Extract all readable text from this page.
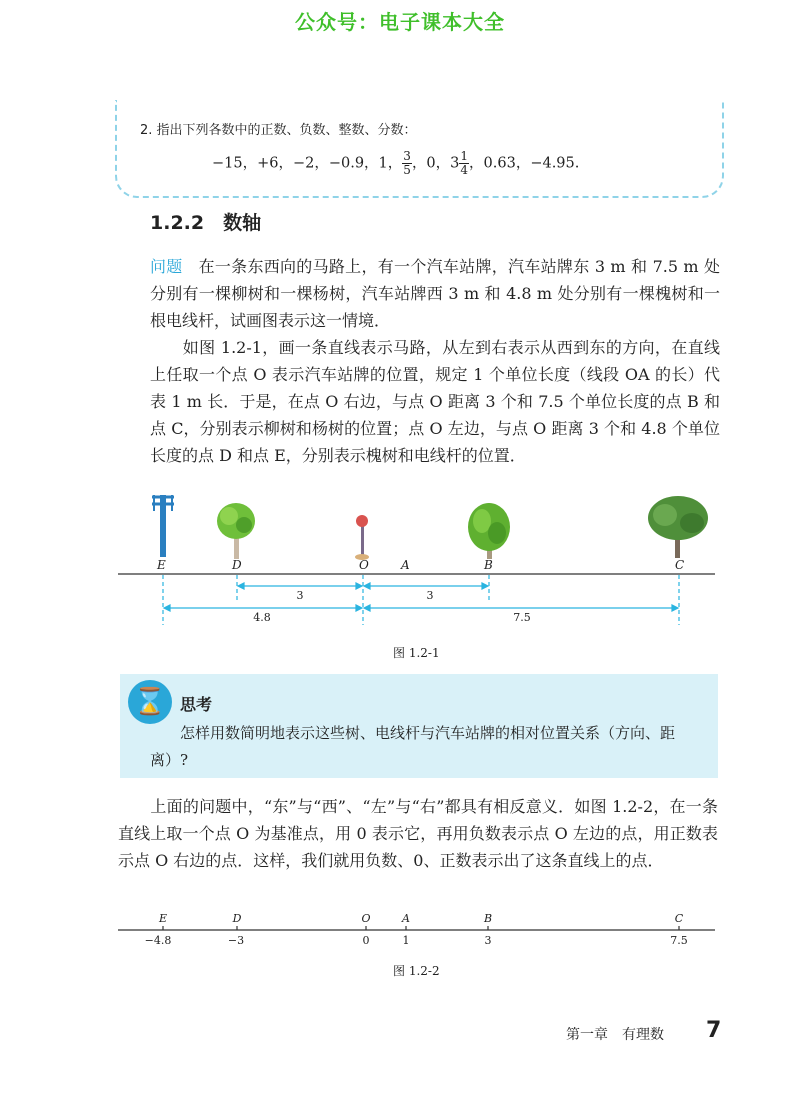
公众号：电子课本大全
2. 指出下列各数中的正数、负数、整数、分数：
−15，+6，−2，−0.9，1， $\frac{3}{5}$ ，0，$3 \frac{1}{4}$ ，0.63，−4.95.
1.2.2　数轴
问题 在一条东西向的马路上，有一个汽车站牌，汽车站牌东 3 m 和 7.5 m 处分别有一棵柳树和一棵杨树，汽车站牌西 3 m 和 4.8 m 处分别有一棵槐树和一根电线杆，试画图表示这一情境．
　　如图 1.2-1，画一条直线表示马路，从左到右表示从西到东的方向，在直线上任取一个点 O 表示汽车站牌的位置，规定 1 个单位长度（线段 OA 的长）代表 1 m 长．于是，在点 O 右边，与点 O 距离 3 个和 7.5 个单位长度的点 B 和点 C，分别表示柳树和杨树的位置；点 O 左边，与点 O 距离 3 个和 4.8 个单位长度的点 D 和点 E，分别表示槐树和电线杆的位置．
E	D	O	A	B	C
3	3
4.8	7.5
图 1.2-1
⌛ 思考
　　怎样用数简明地表示这些树、电线杆与汽车站牌的相对位置关系（方向、距离）?
　　上面的问题中，“东”与“西”、“左”与“右”都具有相反意义．如图 1.2-2，在一条直线上取一个点 O 为基准点，用 0 表示它，再用负数表示点 O 左边的点，用正数表示点 O 右边的点．这样，我们就用负数、0、正数表示出了这条直线上的点．
E	D	O	A	B	C
−4.8	−3	0	1	3	7.5
图 1.2-2
第一章　有理数 7
